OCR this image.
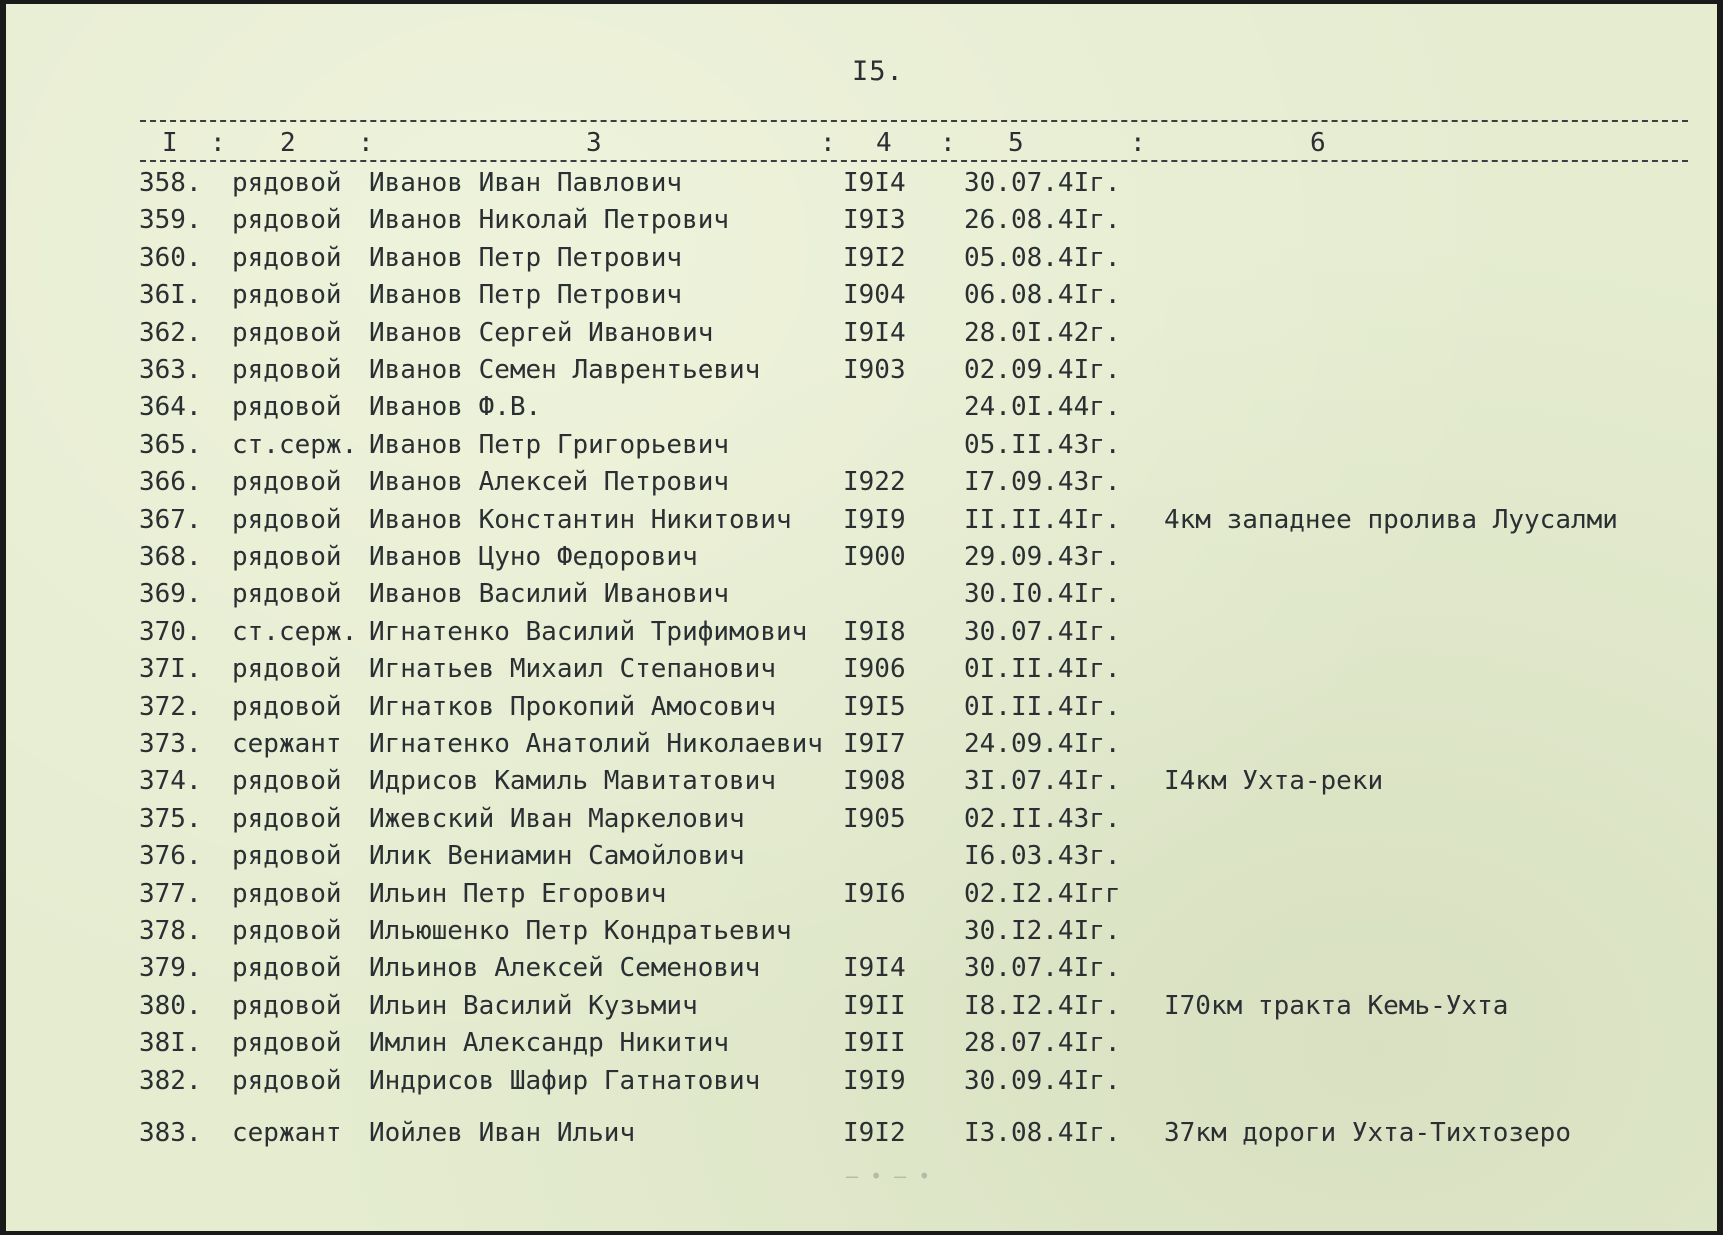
I5.
I : 2 :	3	: 4 : 5	:	6
358. рядовой Иванов Иван Павлович	I9I4 30.07.4Iг.
359. рядовой Иванов Николай Петрович	I9I3 26.08.4Iг.
360. рядовой Иванов Петр Петрович	I9I2 05.08.4Iг.
36I. рядовой Иванов Петр Петрович	I904 06.08.4Iг.
362. рядовой Иванов Сергей Иванович	I9I4 28.0I.42г.
363. рядовой Иванов Семен Лаврентьевич	I903 02.09.4Iг.
364. рядовой Иванов Ф.В.	24.0I.44г.
365. ст.серж. Иванов Петр Григорьевич	05.II.43г.
366. рядовой Иванов Алексей Петрович	I922 I7.09.43г.
367. рядовой Иванов Константин Никитович I9I9 II.II.4Iг. 4км западнее пролива Луусалми
368. рядовой Иванов Цуно Федорович	I900 29.09.43г.
369. рядовой Иванов Василий Иванович	30.I0.4Iг.
370. ст.серж. Игнатенко Василий Трифимович I9I8 30.07.4Iг.
37I. рядовой Игнатьев Михаил Степанович	I906 0I.II.4Iг.
372. рядовой Игнатков Прокопий Амосович	I9I5 0I.II.4Iг.
373. сержант Игнатенко Анатолий Николаевич I9I7 24.09.4Iг.
374. рядовой Идрисов Камиль Мавитатович	I908 3I.07.4Iг. I4км Ухта-реки
375. рядовой Ижевский Иван Маркелович	I905 02.II.43г.
376. рядовой Илик Вениамин Самойлович	I6.03.43г.
377. рядовой Ильин Петр Егорович	I9I6 02.I2.4Iгг
378. рядовой Ильюшенко Петр Кондратьевич	30.I2.4Iг.
379. рядовой Ильинов Алексей Семенович	I9I4 30.07.4Iг.
380. рядовой Ильин Василий Кузьмич	I9II I8.I2.4Iг. I70км тракта Кемь-Ухта
38I. рядовой Имлин Александр Никитич	I9II 28.07.4Iг.
382. рядовой Индрисов Шафир Гатнатович	I9I9 30.09.4Iг.
383. сержант Иойлев Иван Ильич	I9I2 I3.08.4Iг. 37км дороги Ухта-Тихтозеро
— • — •
